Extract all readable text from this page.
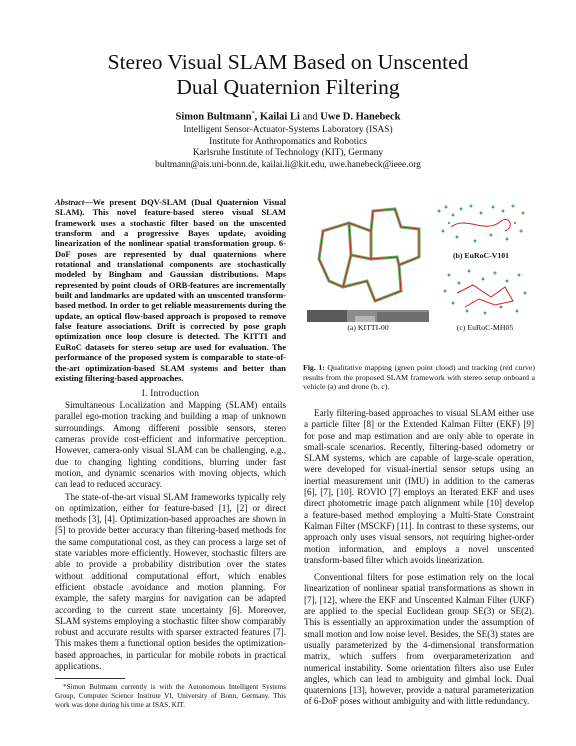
Stereo Visual SLAM Based on Unscented
Dual Quaternion Filtering
Simon Bultmann*, Kailai Li and Uwe D. Hanebeck
Intelligent Sensor-Actuator-Systems Laboratory (ISAS)
Institute for Anthropomatics and Robotics
Karlsruhe Institute of Technology (KIT), Germany
bultmann@ais.uni-bonn.de, kailai.li@kit.edu, uwe.hanebeck@ieee.org

Abstract—We present DQV-SLAM (Dual Quaternion Visual SLAM). This novel feature-based stereo visual SLAM framework uses a stochastic filter based on the unscented transform and a progressive Bayes update, avoiding linearization of the nonlinear spatial transformation group. 6-DoF poses are represented by dual quaternions where rotational and translational components are stochastically modeled by Bingham and Gaussian distributions. Maps represented by point clouds of ORB-features are incrementally built and landmarks are updated with an unscented transform-based method. In order to get reliable measurements during the update, an optical flow-based approach is proposed to remove false feature associations. Drift is corrected by pose graph optimization once loop closure is detected. The KITTI and EuRoC datasets for stereo setup are used for evaluation. The performance of the proposed system is comparable to state-of-the-art optimization-based SLAM systems and better than existing filtering-based approaches.

I. Introduction

Simultaneous Localization and Mapping (SLAM) entails parallel ego-motion tracking and building a map of unknown surroundings. Among different possible sensors, stereo cameras provide cost-efficient and informative perception. However, camera-only visual SLAM can be challenging, e.g., due to changing lighting conditions, blurring under fast motion, and dynamic scenarios with moving objects, which can lead to reduced accuracy.

The state-of-the-art visual SLAM frameworks typically rely on optimization, either for feature-based [1], [2] or direct methods [3], [4]. Optimization-based approaches are shown in [5] to provide better accuracy than filtering-based methods for the same computational cost, as they can process a large set of state variables more efficiently. However, stochastic filters are able to provide a probability distribution over the states without additional computational effort, which enables efficient obstacle avoidance and motion planning. For example, the safety margins for navigation can be adapted according to the current state uncertainty [6]. Moreover, SLAM systems employing a stochastic filter show comparably robust and accurate results with sparser extracted features [7]. This makes them a functional option besides the optimization-based approaches, in particular for mobile robots in practical applications.

*Simon Bultmann currently is with the Autonomous Intelligent Systems Group, Computer Science Institute VI, University of Bonn, Germany. This work was done during his time at ISAS, KIT.

(a) KITTI-00
(b) EuRoC-V101
(c) EuRoC-MH05
Fig. 1: Qualitative mapping (green point cloud) and tracking (red curve) results from the proposed SLAM framework with stereo setup onboard a vehicle (a) and drone (b, c).

Early filtering-based approaches to visual SLAM either use a particle filter [8] or the Extended Kalman Filter (EKF) [9] for pose and map estimation and are only able to operate in small-scale scenarios. Recently, filtering-based odometry or SLAM systems, which are capable of large-scale operation, were developed for visual-inertial sensor setups using an inertial measurement unit (IMU) in addition to the cameras [6], [7], [10]. ROVIO [7] employs an Iterated EKF and uses direct photometric image patch alignment while [10] develop a feature-based method employing a Multi-State Constraint Kalman Filter (MSCKF) [11]. In contrast to these systems, our approach only uses visual sensors, not requiring higher-order motion information, and employs a novel unscented transform-based filter which avoids linearization.

Conventional filters for pose estimation rely on the local linearization of nonlinear spatial transformations as shown in [7], [12], where the EKF and Unscented Kalman Filter (UKF) are applied to the special Euclidean group SE(3) or SE(2). This is essentially an approximation under the assumption of small motion and low noise level. Besides, the SE(3) states are usually parameterized by the 4-dimensional transformation matrix, which suffers from overparameterization and numerical instability. Some orientation filters also use Euler angles, which can lead to ambiguity and gimbal lock. Dual quaternions [13], however, provide a natural parameterization of 6-DoF poses without ambiguity and with little redundancy.
